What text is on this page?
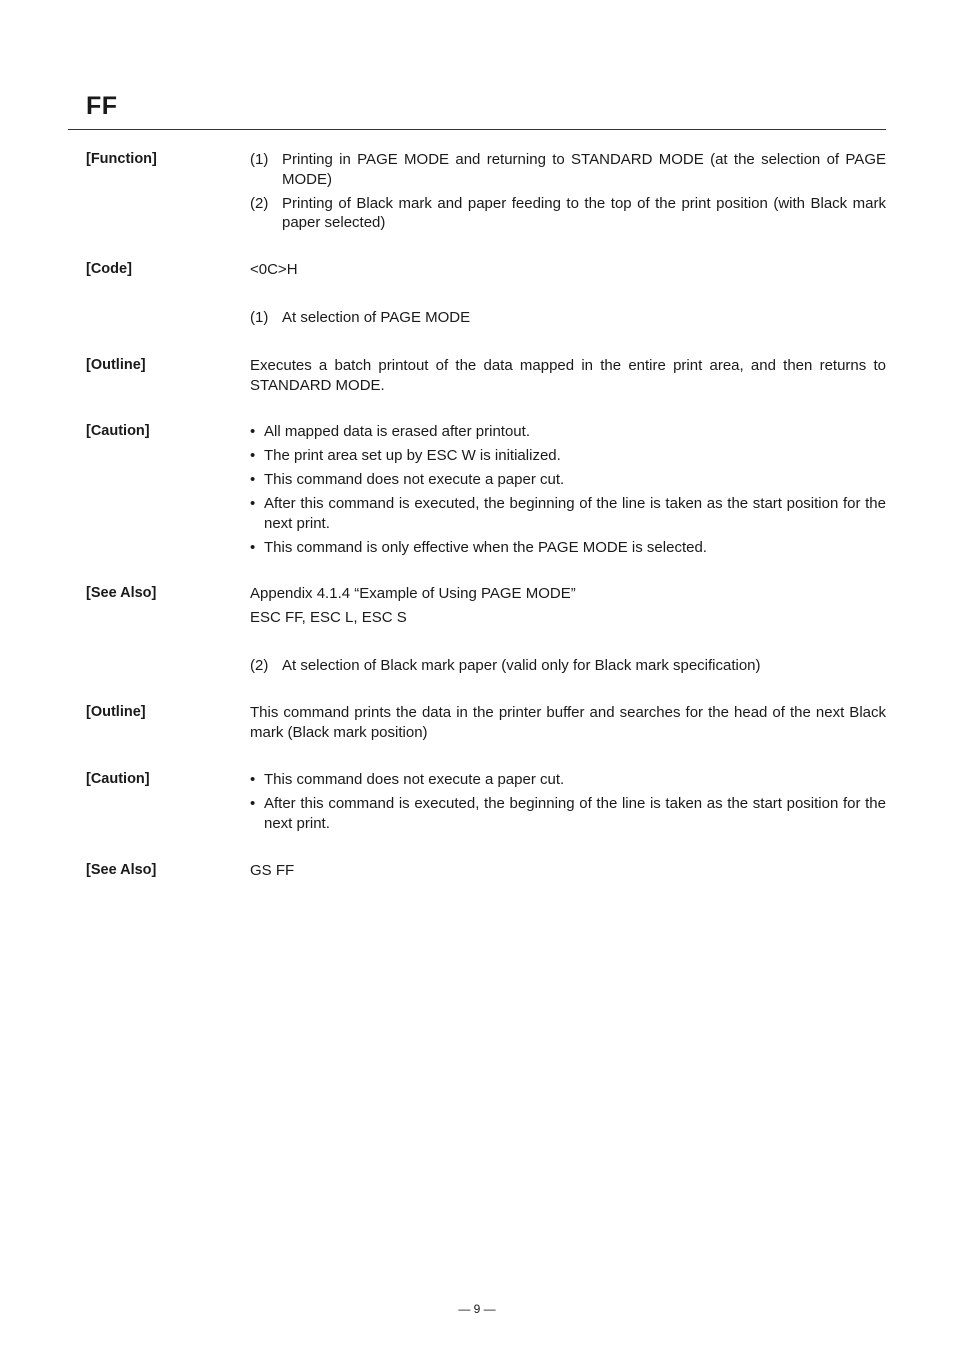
FF
[Function]	(1) Printing in PAGE MODE and returning to STANDARD MODE (at the selection of PAGE MODE)
(2) Printing of Black mark and paper feeding to the top of the print position (with Black mark paper selected)
[Code]	<0C>H
(1) At selection of PAGE MODE
[Outline]	Executes a batch printout of the data mapped in the entire print area, and then returns to STANDARD MODE.
[Caution]	• All mapped data is erased after printout.
• The print area set up by ESC W is initialized.
• This command does not execute a paper cut.
• After this command is executed, the beginning of the line is taken as the start position for the next print.
• This command is only effective when the PAGE MODE is selected.
[See Also]	Appendix 4.1.4 “Example of Using PAGE MODE”
ESC FF, ESC L, ESC S
(2) At selection of Black mark paper (valid only for Black mark specification)
[Outline]	This command prints the data in the printer buffer and searches for the head of the next Black mark (Black mark position)
[Caution]	• This command does not execute a paper cut.
• After this command is executed, the beginning of the line is taken as the start position for the next print.
[See Also]	GS FF
— 9 —
